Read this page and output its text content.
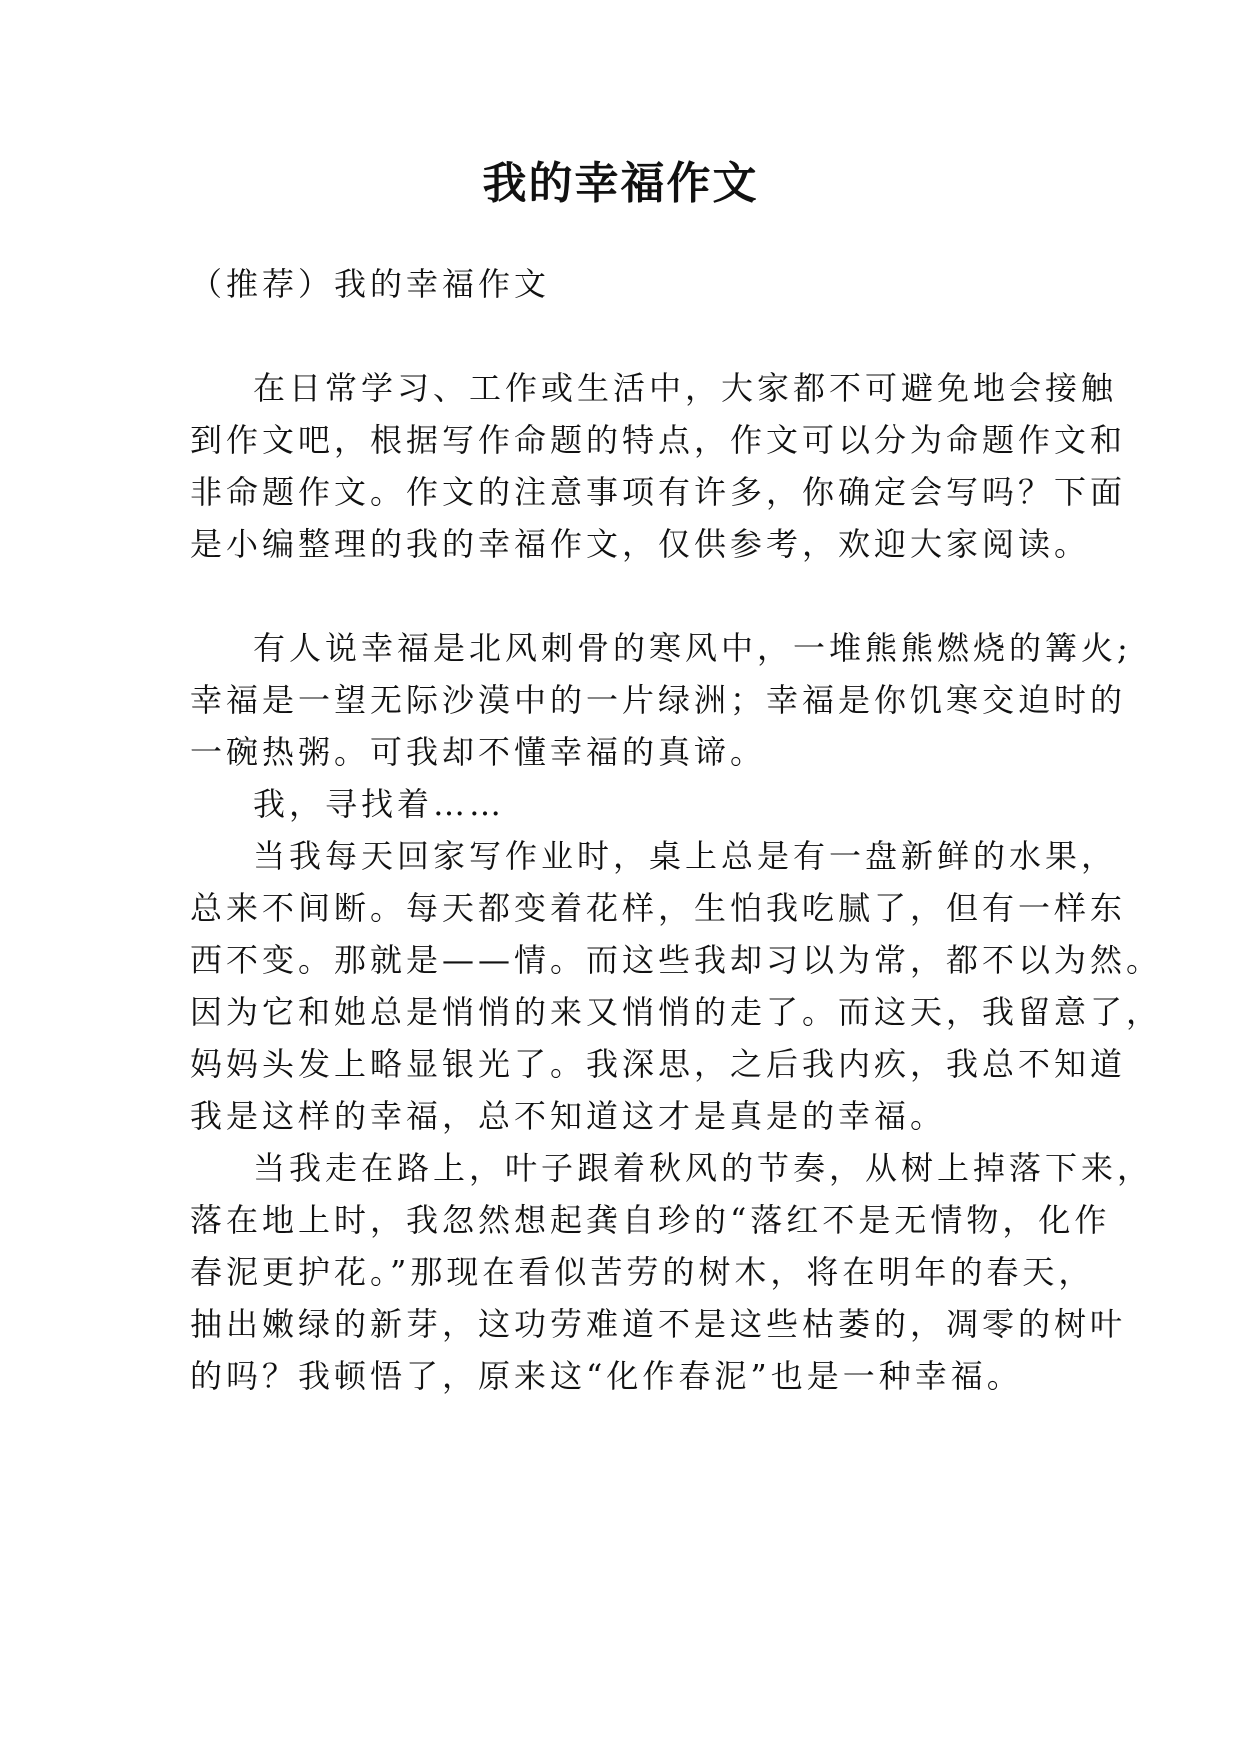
我的幸福作文
（推荐）我的幸福作文
在日常学习、工作或生活中，大家都不可避免地会接触
到作文吧，根据写作命题的特点，作文可以分为命题作文和
非命题作文。作文的注意事项有许多，你确定会写吗？下面
是小编整理的我的幸福作文，仅供参考，欢迎大家阅读。
有人说幸福是北风刺骨的寒风中，一堆熊熊燃烧的篝火;
幸福是一望无际沙漠中的一片绿洲；幸福是你饥寒交迫时的
一碗热粥。可我却不懂幸福的真谛。
我，寻找着……
当我每天回家写作业时，桌上总是有一盘新鲜的水果，
总来不间断。每天都变着花样，生怕我吃腻了，但有一样东
西不变。那就是——情。而这些我却习以为常，都不以为然。
因为它和她总是悄悄的来又悄悄的走了。而这天，我留意了，
妈妈头发上略显银光了。我深思，之后我内疚，我总不知道
我是这样的幸福，总不知道这才是真是的幸福。
当我走在路上，叶子跟着秋风的节奏，从树上掉落下来，
落在地上时，我忽然想起龚自珍的“落红不是无情物，化作
春泥更护花。”那现在看似苦劳的树木，将在明年的春天，
抽出嫩绿的新芽，这功劳难道不是这些枯萎的，凋零的树叶
的吗？我顿悟了，原来这“化作春泥”也是一种幸福。
